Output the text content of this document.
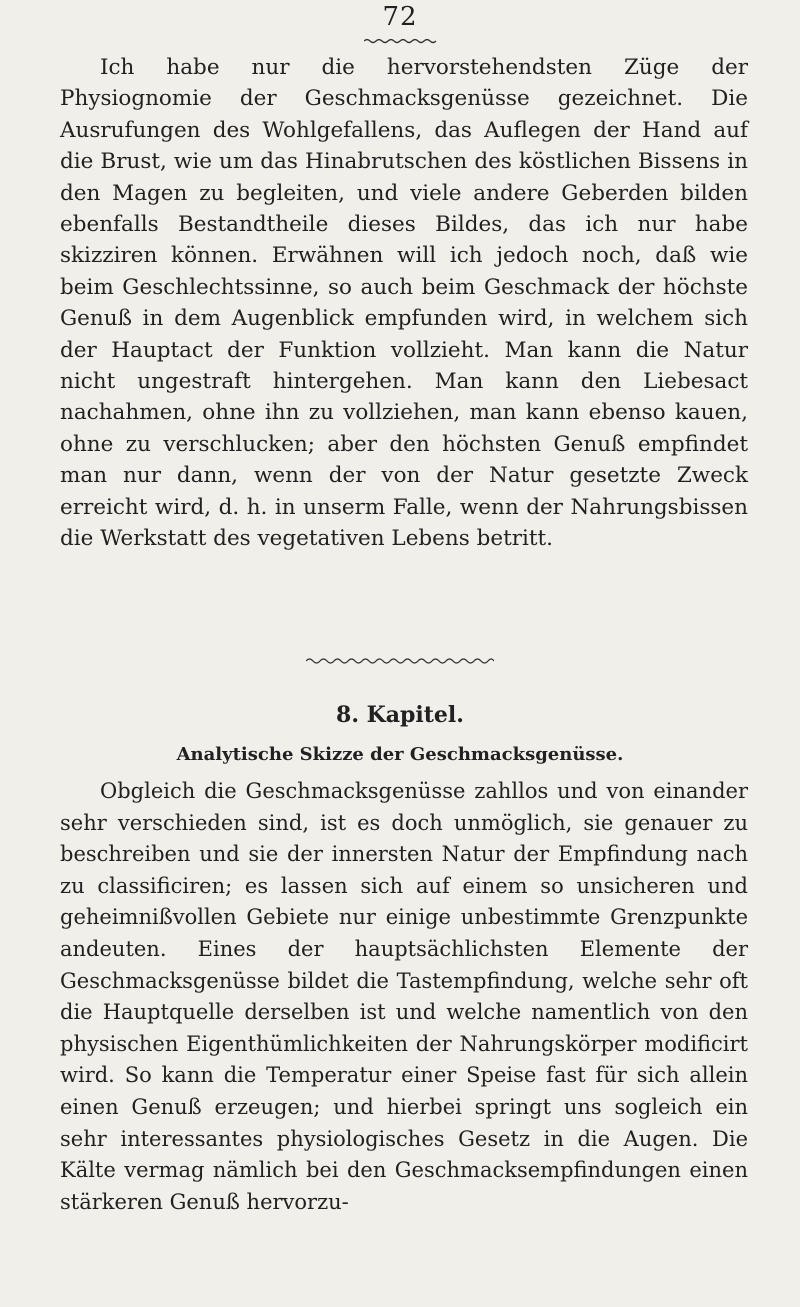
72

Ich habe nur die hervorstehendsten Züge der Physiognomie der Geschmacksgenüsse gezeichnet. Die Ausrufungen des Wohlgefallens, das Auflegen der Hand auf die Brust, wie um das Hinabrutschen des köstlichen Bissens in den Magen zu begleiten, und viele andere Geberden bilden ebenfalls Bestandtheile dieses Bildes, das ich nur habe skizziren können. Erwähnen will ich jedoch noch, daß wie beim Geschlechtssinne, so auch beim Geschmack der höchste Genuß in dem Augenblick empfunden wird, in welchem sich der Hauptact der Funktion vollzieht. Man kann die Natur nicht ungestraft hintergehen. Man kann den Liebesact nachahmen, ohne ihn zu vollziehen, man kann ebenso kauen, ohne zu verschlucken; aber den höchsten Genuß empfindet man nur dann, wenn der von der Natur gesetzte Zweck erreicht wird, d. h. in unserm Falle, wenn der Nahrungsbissen die Werkstatt des vegetativen Lebens betritt.

8. Kapitel.
Analytische Skizze der Geschmacksgenüsse.

Obgleich die Geschmacksgenüsse zahllos und von einander sehr verschieden sind, ist es doch unmöglich, sie genauer zu beschreiben und sie der innersten Natur der Empfindung nach zu classificiren; es lassen sich auf einem so unsicheren und geheimnißvollen Gebiete nur einige unbestimmte Grenzpunkte andeuten. Eines der hauptsächlichsten Elemente der Geschmacksgenüsse bildet die Tastempfindung, welche sehr oft die Hauptquelle derselben ist und welche namentlich von den physischen Eigenthümlichkeiten der Nahrungskörper modificirt wird. So kann die Temperatur einer Speise fast für sich allein einen Genuß erzeugen; und hierbei springt uns sogleich ein sehr interessantes physiologisches Gesetz in die Augen. Die Kälte vermag nämlich bei den Geschmacksempfindungen einen stärkeren Genuß hervorzu-
